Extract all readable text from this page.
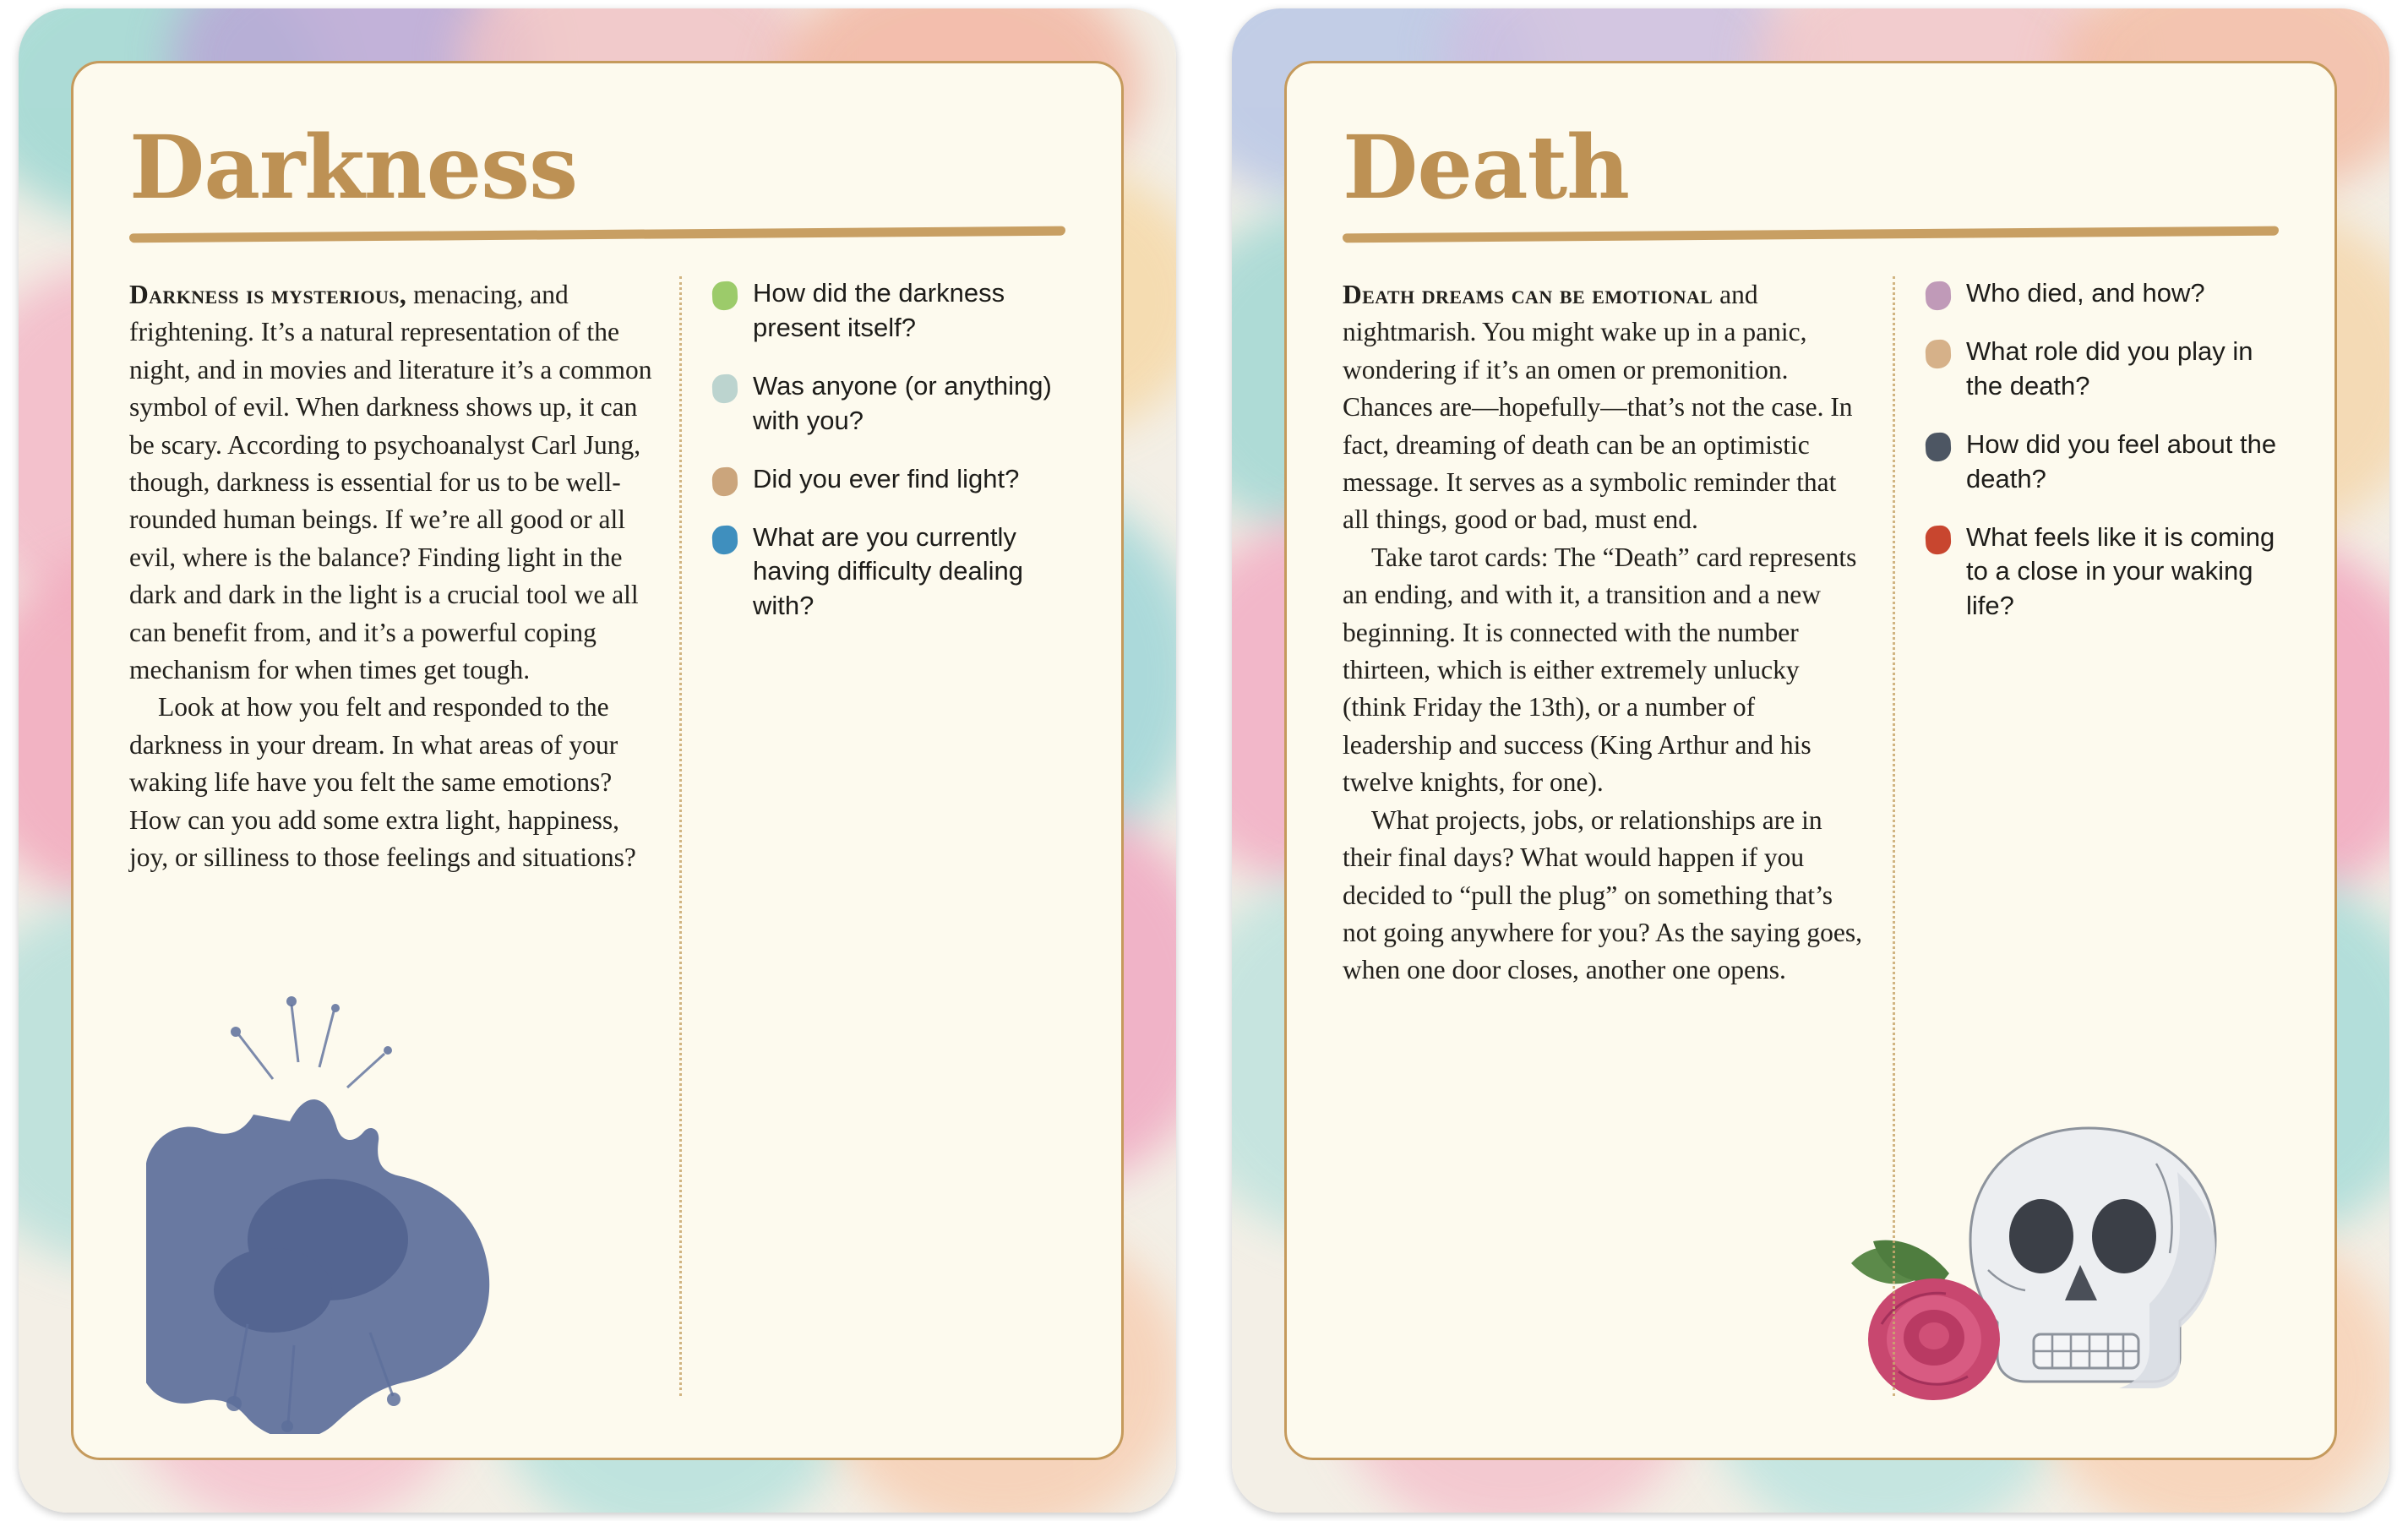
Darkness

Darkness is mysterious, menacing, and frightening. It’s a natural representation of the night, and in movies and literature it’s a common symbol of evil. When darkness shows up, it can be scary. According to psychoanalyst Carl Jung, though, darkness is essential for us to be well-rounded human beings. If we’re all good or all evil, where is the balance? Finding light in the dark and dark in the light is a crucial tool we all can benefit from, and it’s a powerful coping mechanism for when times get tough.

Look at how you felt and responded to the darkness in your dream. In what areas of your waking life have you felt the same emotions? How can you add some extra light, happiness, joy, or silliness to those feelings and situations?

How did the darkness present itself?
Was anyone (or anything) with you?
Did you ever find light?
What are you currently having difficulty dealing with?
Death

Death dreams can be emotional and nightmarish. You might wake up in a panic, wondering if it’s an omen or premonition. Chances are—hopefully—that’s not the case. In fact, dreaming of death can be an optimistic message. It serves as a symbolic reminder that all things, good or bad, must end.

Take tarot cards: The “Death” card represents an ending, and with it, a transition and a new beginning. It is connected with the number thirteen, which is either extremely unlucky (think Friday the 13th), or a number of leadership and success (King Arthur and his twelve knights, for one).

What projects, jobs, or relationships are in their final days? What would happen if you decided to “pull the plug” on something that’s not going anywhere for you? As the saying goes, when one door closes, another one opens.

Who died, and how?
What role did you play in the death?
How did you feel about the death?
What feels like it is coming to a close in your waking life?
